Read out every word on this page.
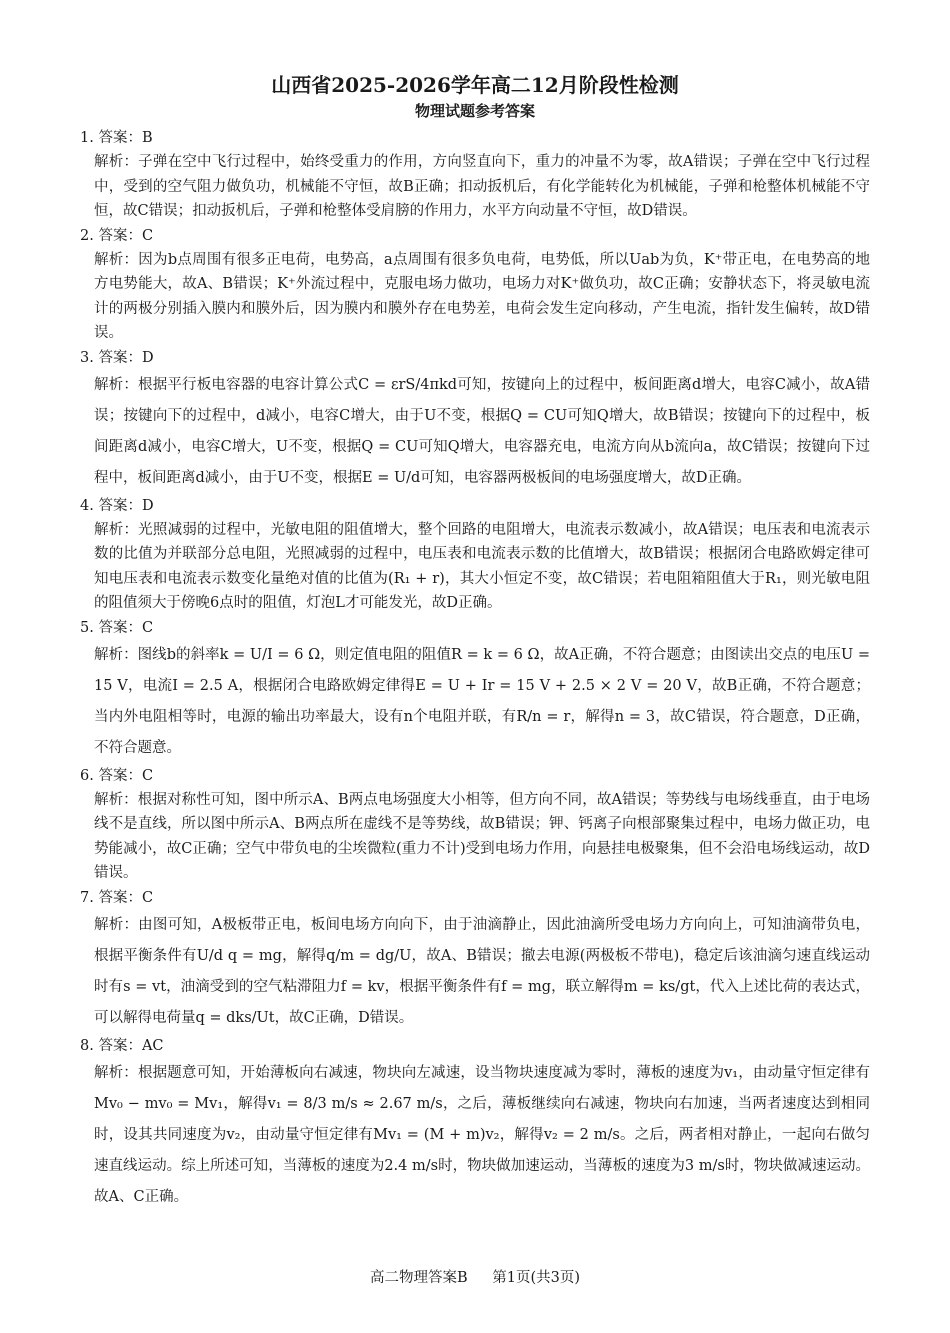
山西省2025-2026学年高二12月阶段性检测
物理试题参考答案

1. 答案：B

解析：子弹在空中飞行过程中，始终受重力的作用，方向竖直向下，重力的冲量不为零，故A错误；子弹在空中飞行过程中，受到的空气阻力做负功，机械能不守恒，故B正确；扣动扳机后，有化学能转化为机械能，子弹和枪整体机械能不守恒，故C错误；扣动扳机后，子弹和枪整体受肩膀的作用力，水平方向动量不守恒，故D错误。

2. 答案：C

解析：因为b点周围有很多正电荷，电势高，a点周围有很多负电荷，电势低，所以Uab为负，K⁺带正电，在电势高的地方电势能大，故A、B错误；K⁺外流过程中，克服电场力做功，电场力对K⁺做负功，故C正确；安静状态下，将灵敏电流计的两极分别插入膜内和膜外后，因为膜内和膜外存在电势差，电荷会发生定向移动，产生电流，指针发生偏转，故D错误。

3. 答案：D

解析：根据平行板电容器的电容计算公式C = εrS/4πkd可知，按键向上的过程中，板间距离d增大，电容C减小，故A错误；按键向下的过程中，d减小，电容C增大，由于U不变，根据Q = CU可知Q增大，故B错误；按键向下的过程中，板间距离d减小，电容C增大，U不变，根据Q = CU可知Q增大，电容器充电，电流方向从b流向a，故C错误；按键向下过程中，板间距离d减小，由于U不变，根据E = U/d可知，电容器两极板间的电场强度增大，故D正确。

4. 答案：D

解析：光照减弱的过程中，光敏电阻的阻值增大，整个回路的电阻增大，电流表示数减小，故A错误；电压表和电流表示数的比值为并联部分总电阻，光照减弱的过程中，电压表和电流表示数的比值增大，故B错误；根据闭合电路欧姆定律可知电压表和电流表示数变化量绝对值的比值为(R₁ + r)，其大小恒定不变，故C错误；若电阻箱阻值大于R₁，则光敏电阻的阻值须大于傍晚6点时的阻值，灯泡L才可能发光，故D正确。

5. 答案：C

解析：图线b的斜率k = U/I = 6 Ω，则定值电阻的阻值R = k = 6 Ω，故A正确，不符合题意；由图读出交点的电压U = 15 V，电流I = 2.5 A，根据闭合电路欧姆定律得E = U + Ir = 15 V + 2.5 × 2 V = 20 V，故B正确，不符合题意；当内外电阻相等时，电源的输出功率最大，设有n个电阻并联，有R/n = r，解得n = 3，故C错误，符合题意，D正确，不符合题意。

6. 答案：C

解析：根据对称性可知，图中所示A、B两点电场强度大小相等，但方向不同，故A错误；等势线与电场线垂直，由于电场线不是直线，所以图中所示A、B两点所在虚线不是等势线，故B错误；钾、钙离子向根部聚集过程中，电场力做正功，电势能减小，故C正确；空气中带负电的尘埃微粒(重力不计)受到电场力作用，向悬挂电极聚集，但不会沿电场线运动，故D错误。

7. 答案：C

解析：由图可知，A极板带正电，板间电场方向向下，由于油滴静止，因此油滴所受电场力方向向上，可知油滴带负电，根据平衡条件有U/d q = mg，解得q/m = dg/U，故A、B错误；撤去电源(两极板不带电)，稳定后该油滴匀速直线运动时有s = vt，油滴受到的空气粘滞阻力f = kv，根据平衡条件有f = mg，联立解得m = ks/gt，代入上述比荷的表达式，可以解得电荷量q = dks/Ut，故C正确，D错误。

8. 答案：AC

解析：根据题意可知，开始薄板向右减速，物块向左减速，设当物块速度减为零时，薄板的速度为v₁，由动量守恒定律有Mv₀ − mv₀ = Mv₁，解得v₁ = 8/3 m/s ≈ 2.67 m/s，之后，薄板继续向右减速，物块向右加速，当两者速度达到相同时，设其共同速度为v₂，由动量守恒定律有Mv₁ = (M + m)v₂，解得v₂ = 2 m/s。之后，两者相对静止，一起向右做匀速直线运动。综上所述可知，当薄板的速度为2.4 m/s时，物块做加速运动，当薄板的速度为3 m/s时，物块做减速运动。故A、C正确。

高二物理答案B 第1页(共3页)
